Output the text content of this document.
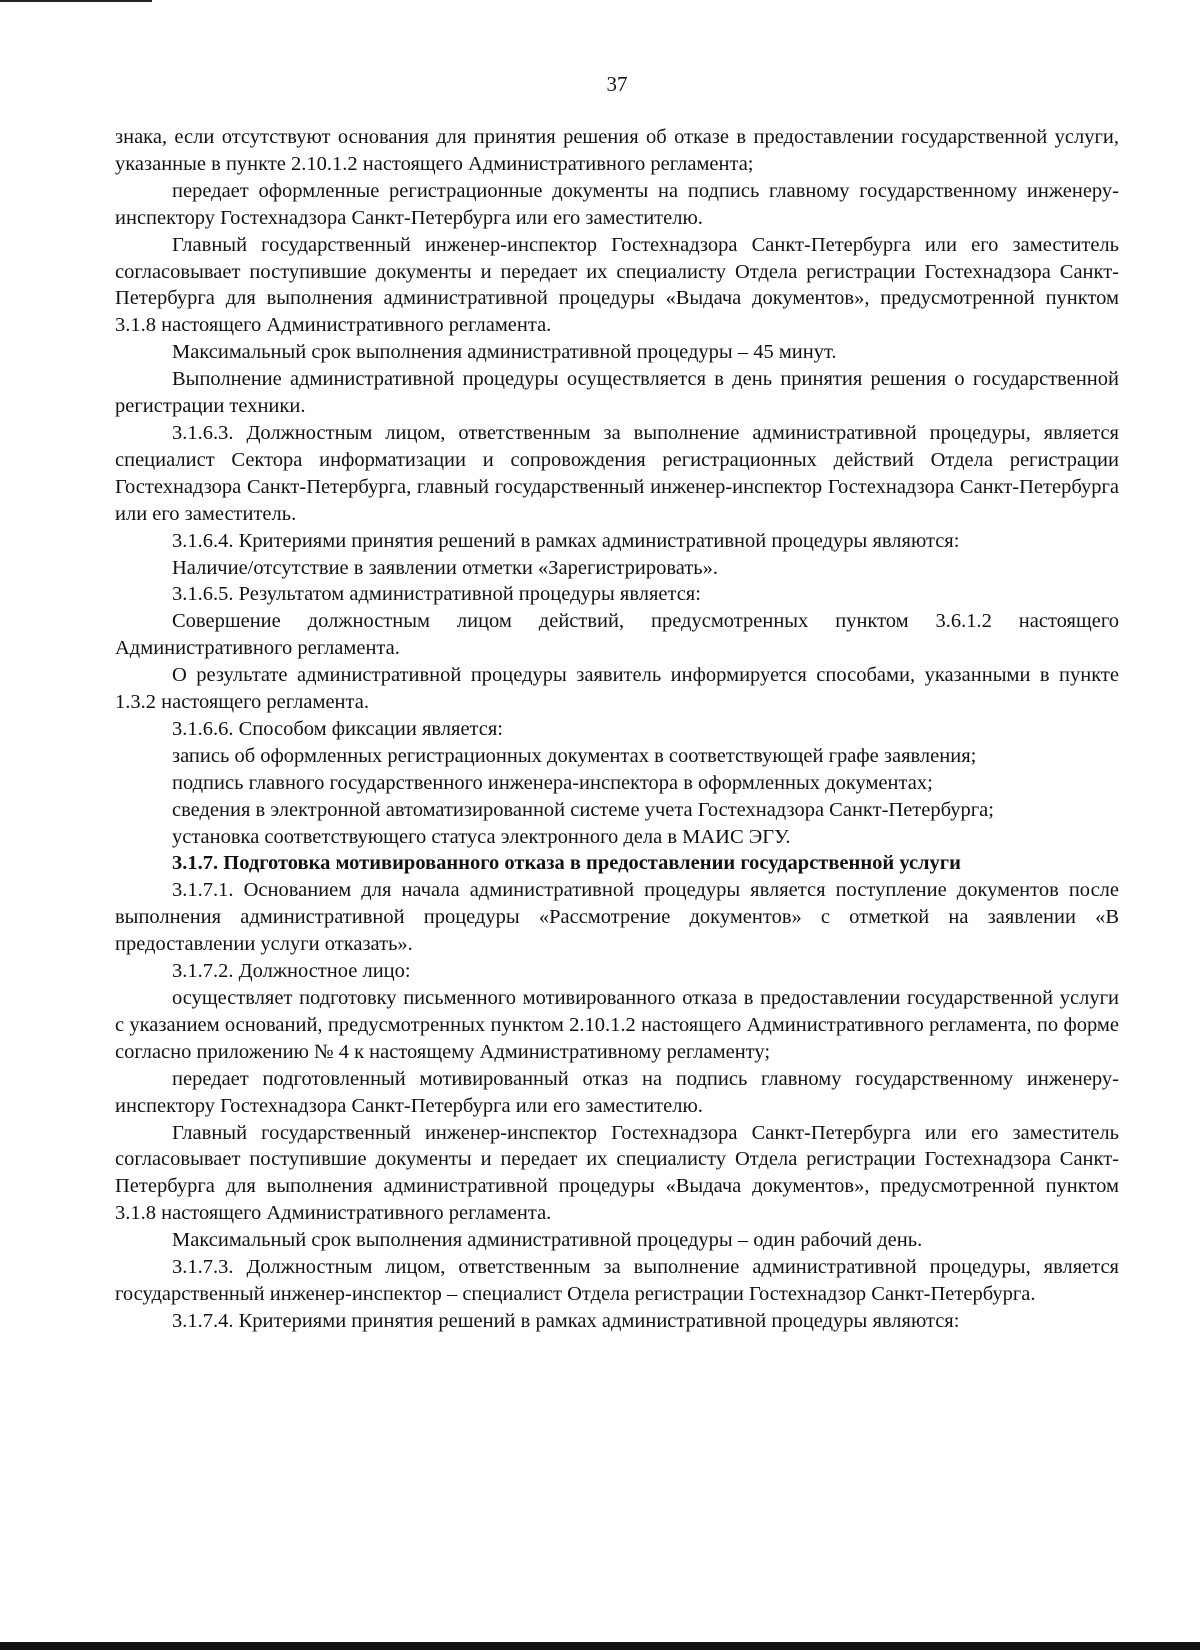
37

знака, если отсутствуют основания для принятия решения об отказе в предоставлении государственной услуги, указанные в пункте 2.10.1.2 настоящего Административного регламента;

передает оформленные регистрационные документы на подпись главному государственному инженеру-инспектору Гостехнадзора Санкт-Петербурга или его заместителю.

Главный государственный инженер-инспектор Гостехнадзора Санкт-Петербурга или его заместитель согласовывает поступившие документы и передает их специалисту Отдела регистрации Гостехнадзора Санкт-Петербурга для выполнения административной процедуры «Выдача документов», предусмотренной пунктом 3.1.8 настоящего Административного регламента.

Максимальный срок выполнения административной процедуры – 45 минут.

Выполнение административной процедуры осуществляется в день принятия решения о государственной регистрации техники.

3.1.6.3. Должностным лицом, ответственным за выполнение административной процедуры, является специалист Сектора информатизации и сопровождения регистрационных действий Отдела регистрации Гостехнадзора Санкт-Петербурга, главный государственный инженер-инспектор Гостехнадзора Санкт-Петербурга или его заместитель.

3.1.6.4. Критериями принятия решений в рамках административной процедуры являются:

Наличие/отсутствие в заявлении отметки «Зарегистрировать».

3.1.6.5. Результатом административной процедуры является:

Совершение должностным лицом действий, предусмотренных пунктом 3.6.1.2 настоящего Административного регламента.

О результате административной процедуры заявитель информируется способами, указанными в пункте 1.3.2 настоящего регламента.

3.1.6.6. Способом фиксации является:

запись об оформленных регистрационных документах в соответствующей графе заявления;

подпись главного государственного инженера-инспектора в оформленных документах;

сведения в электронной автоматизированной системе учета Гостехнадзора Санкт-Петербурга;

установка соответствующего статуса электронного дела в МАИС ЭГУ.

3.1.7. Подготовка мотивированного отказа в предоставлении государственной услуги

3.1.7.1. Основанием для начала административной процедуры является поступление документов после выполнения административной процедуры «Рассмотрение документов» с отметкой на заявлении «В предоставлении услуги отказать».

3.1.7.2. Должностное лицо:

осуществляет подготовку письменного мотивированного отказа в предоставлении государственной услуги с указанием оснований, предусмотренных пунктом 2.10.1.2 настоящего Административного регламента, по форме согласно приложению № 4 к настоящему Административному регламенту;

передает подготовленный мотивированный отказ на подпись главному государственному инженеру-инспектору Гостехнадзора Санкт-Петербурга или его заместителю.

Главный государственный инженер-инспектор Гостехнадзора Санкт-Петербурга или его заместитель согласовывает поступившие документы и передает их специалисту Отдела регистрации Гостехнадзора Санкт-Петербурга для выполнения административной процедуры «Выдача документов», предусмотренной пунктом 3.1.8 настоящего Административного регламента.

Максимальный срок выполнения административной процедуры – один рабочий день.

3.1.7.3. Должностным лицом, ответственным за выполнение административной процедуры, является государственный инженер-инспектор – специалист Отдела регистрации Гостехнадзор Санкт-Петербурга.

3.1.7.4. Критериями принятия решений в рамках административной процедуры являются:
